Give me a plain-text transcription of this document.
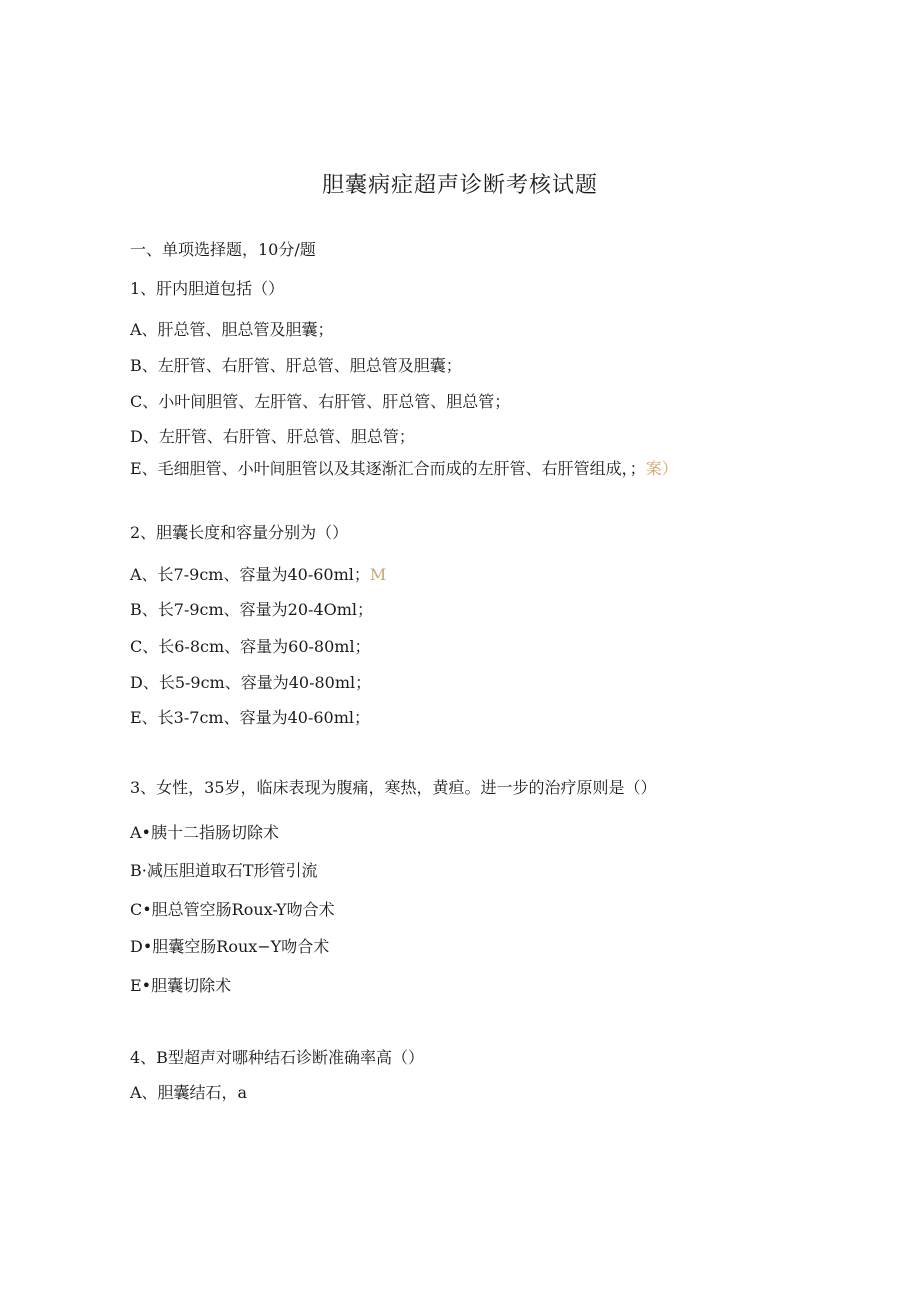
胆囊病症超声诊断考核试题
一、单项选择题，10分/题
1、肝内胆道包括（）
A、肝总管、胆总管及胆囊；
B、左肝管、右肝管、肝总管、胆总管及胆囊；
C、小叶间胆管、左肝管、右肝管、肝总管、胆总管；
D、左肝管、右肝管、肝总管、胆总管；
E、毛细胆管、小叶间胆管以及其逐渐汇合而成的左肝管、右肝管组成，；案）
2、胆囊长度和容量分别为（）
A、长7-9cm、容量为40-60ml；M
B、长7-9cm、容量为20-4Oml；
C、长6-8cm、容量为60-80ml；
D、长5-9cm、容量为40-80ml；
E、长3-7cm、容量为40-60ml；
3、女性，35岁，临床表现为腹痛，寒热，黄疸。进一步的治疗原则是（）
A•胰十二指肠切除术
B·减压胆道取石T形管引流
C•胆总管空肠Roux-Y吻合术
D•胆囊空肠Roux−Y吻合术
E•胆囊切除术
4、B型超声对哪种结石诊断准确率高（）
A、胆囊结石，a
